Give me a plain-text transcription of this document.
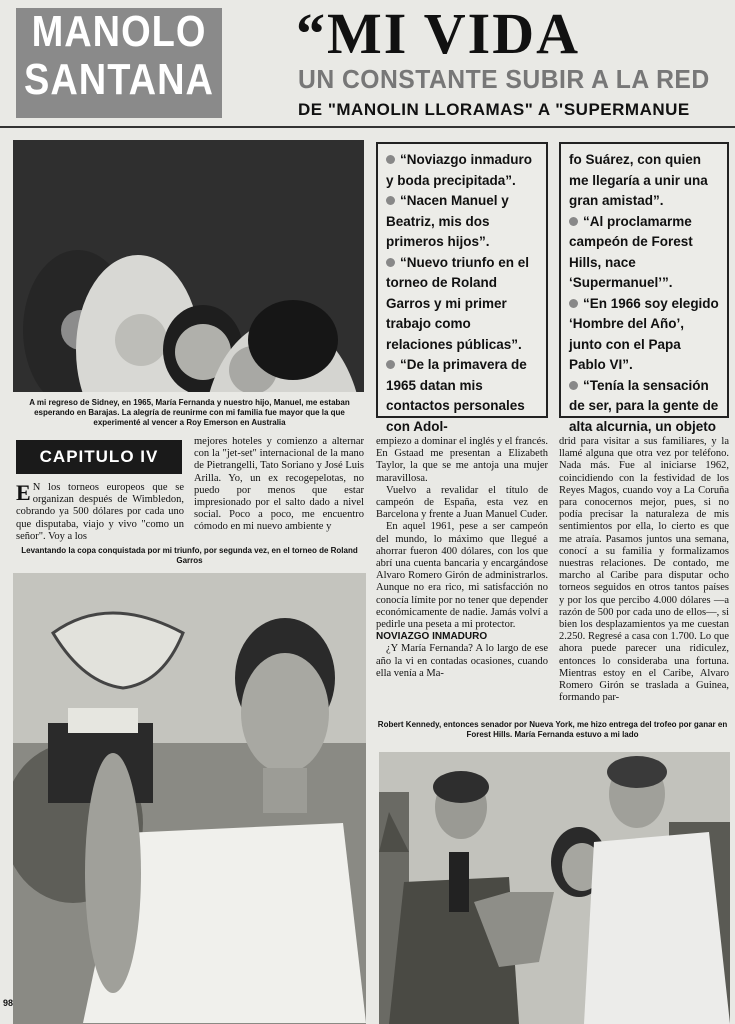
MANOLO
SANTANA
“MI VIDA
UN CONSTANTE SUBIR A LA RED
DE "MANOLIN LLORAMAS" A "SUPERMANUE
A mi regreso de Sidney, en 1965, María Fernanda y nuestro hijo, Manuel, me estaban esperando en Barajas. La alegría de reunirme con mi familia fue mayor que la que experimenté al vencer a Roy Emerson en Australia

“Noviazgo inmaduro y boda precipitada”.

“Nacen Manuel y Beatriz, mis dos primeros hijos”.

“Nuevo triunfo en el torneo de Roland Garros y mi primer trabajo como relaciones públicas”.

“De la primavera de 1965 datan mis contactos personales con Adol-

fo Suárez, con quien me llegaría a unir una gran amistad”.

“Al proclamarme campeón de Forest Hills, nace ‘Supermanuel’”.

“En 1966 soy elegido ‘Hombre del Año’, junto con el Papa Pablo VI”.

“Tenía la sensación de ser, para la gente de alta alcurnia, un objeto

CAPITULO IV

E N los torneos europeos que se organizan después de Wimbledon, cobrando ya 500 dólares por cada uno que disputaba, viajo y vivo "como un señor". Voy a los

mejores hoteles y comienzo a alternar con la "jet-set" internacional de la mano de Pietrangelli, Tato Soriano y José Luis Arilla. Yo, un ex recogepelotas, no puedo por menos que estar impresionado por el salto dado a nivel social. Poco a poco, me encuentro cómodo en mi nuevo ambiente y

Levantando la copa conquistada por mi triunfo, por segunda vez, en el torneo de Roland Garros

empiezo a dominar el inglés y el francés. En Gstaad me presentan a Elizabeth Taylor, la que se me antoja una mujer maravillosa.

Vuelvo a revalidar el título de campeón de España, esta vez en Barcelona y frente a Juan Manuel Cuder.

En aquel 1961, pese a ser campeón del mundo, lo máximo que llegué a ahorrar fueron 400 dólares, con los que abrí una cuenta bancaria y encargándose Alvaro Romero Girón de administrarlos. Aunque no era rico, mi satisfacción no conocía límite por no tener que depender económicamente de nadie. Jamás volví a pedirle una peseta a mi protector.

NOVIAZGO INMADURO

¿Y María Fernanda? A lo largo de ese año la vi en contadas ocasiones, cuando ella venía a Ma-

drid para visitar a sus familiares, y la llamé alguna que otra vez por teléfono. Nada más. Fue al iniciarse 1962, coincidiendo con la festividad de los Reyes Magos, cuando voy a La Coruña para conocernos mejor, pues, si no podía precisar la naturaleza de mis sentimientos por ella, lo cierto es que me atraía. Pasamos juntos una semana, conocí a su familia y formalizamos nuestras relaciones. De contado, me marcho al Caribe para disputar ocho torneos seguidos en otros tantos países y por los que percibo 4.000 dólares —a razón de 500 por cada uno de ellos—, si bien los desplazamientos ya me cuestan 2.250. Regresé a casa con 1.700. Lo que ahora puede parecer una ridiculez, entonces lo consideraba una fortuna. Mientras estoy en el Caribe, Alvaro Romero Girón se traslada a Guinea, formando par-

Robert Kennedy, entonces senador por Nueva York, me hizo entrega del trofeo por ganar en Forest Hills. María Fernanda estuvo a mi lado
98
